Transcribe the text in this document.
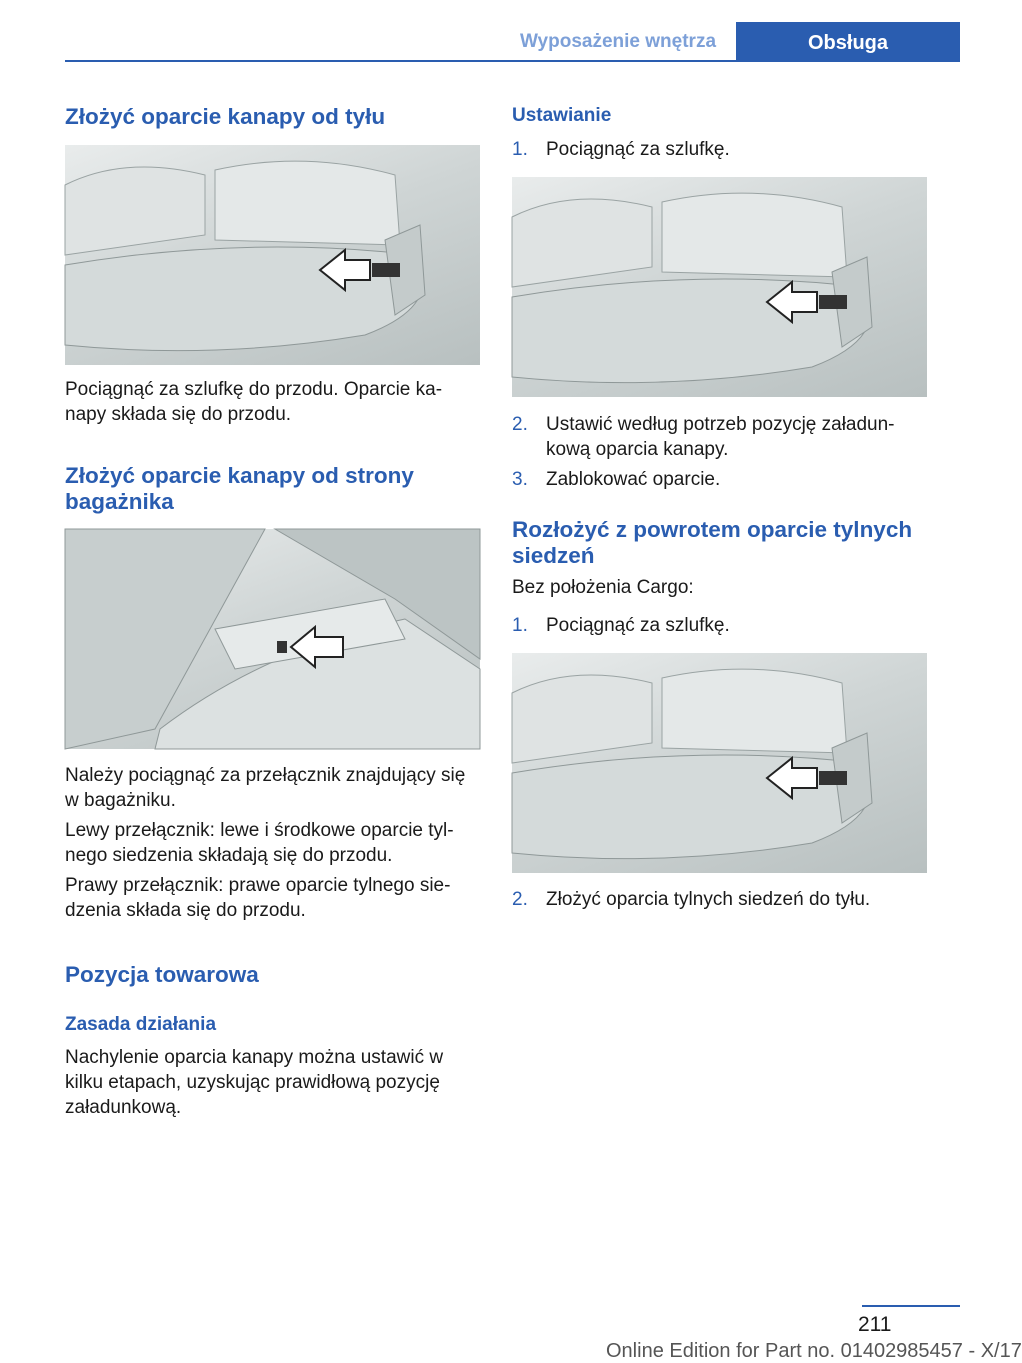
Wyposażenie wnętrza	Obsługa
Złożyć oparcie kanapy od tyłu

Pociągnąć za szlufkę do przodu. Oparcie ka‐
napy składa się do przodu.

Złożyć oparcie kanapy od strony
bagażnika

Należy pociągnąć za przełącznik znajdujący się
w bagażniku.

Lewy przełącznik: lewe i środkowe oparcie tyl‐
nego siedzenia składają się do przodu.

Prawy przełącznik: prawe oparcie tylnego sie‐
dzenia składa się do przodu.

Pozycja towarowa
Zasada działania

Nachylenie oparcia kanapy można ustawić w
kilku etapach, uzyskując prawidłową pozycję
załadunkową.

Ustawianie
1. Pociągnąć za szlufkę.
2. Ustawić według potrzeb pozycję załadun‐
kową oparcia kanapy.
3. Zablokować oparcie.
Rozłożyć z powrotem oparcie tylnych
siedzeń

Bez położenia Cargo:

1. Pociągnąć za szlufkę.
2. Złożyć oparcia tylnych siedzeń do tyłu.
211
Online Edition for Part no. 01402985457 - X/17
